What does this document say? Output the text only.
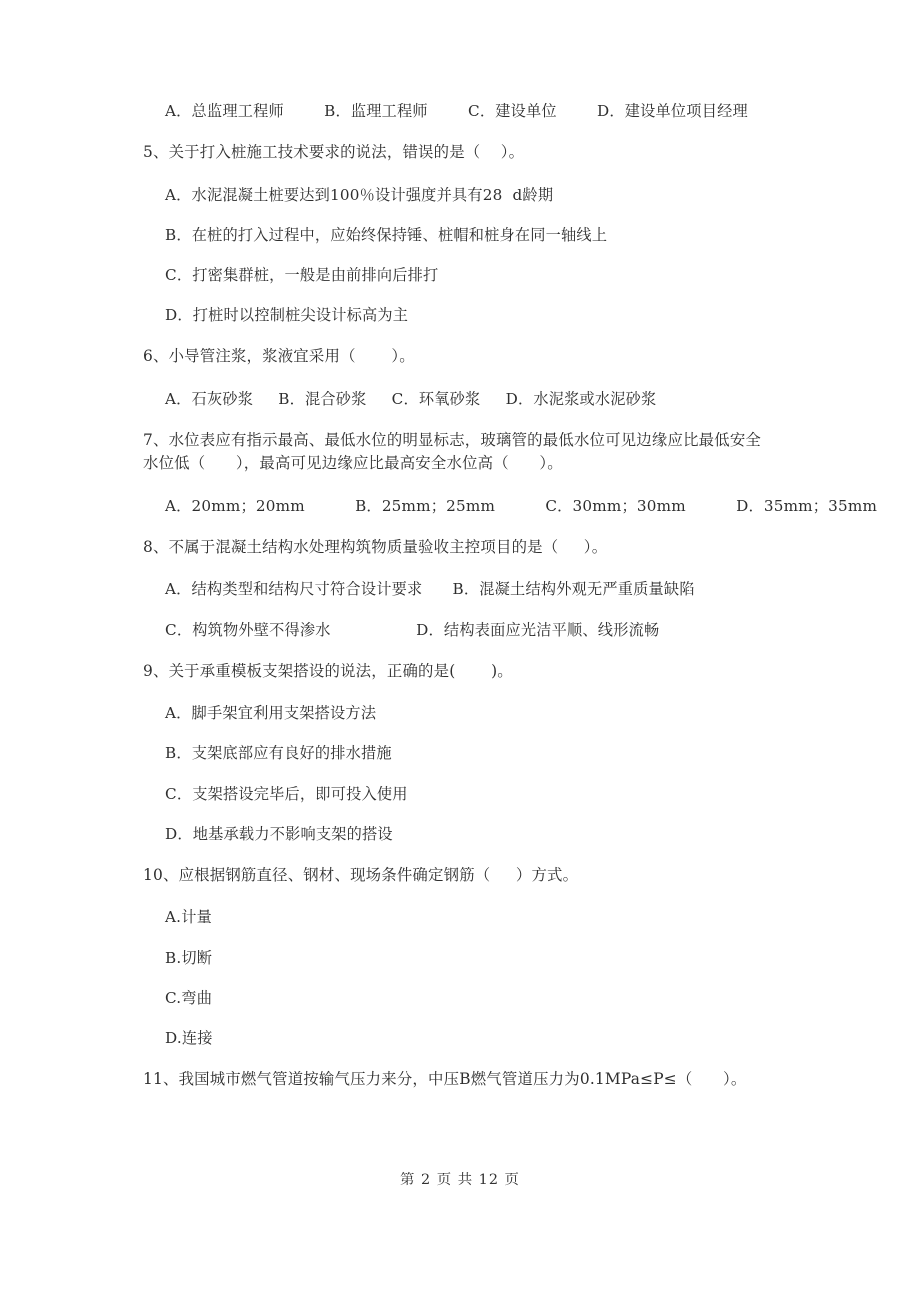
A．总监理工程师        B．监理工程师        C．建设单位        D．建设单位项目经理
5、关于打入桩施工技术要求的说法，错误的是（    ）。
A．水泥混凝土桩要达到100％设计强度并具有28  d龄期
B．在桩的打入过程中，应始终保持锤、桩帽和桩身在同一轴线上
C．打密集群桩，一般是由前排向后排打
D．打桩时以控制桩尖设计标高为主
6、小导管注浆，浆液宜采用（       ）。
A．石灰砂浆     B．混合砂浆     C．环氧砂浆     D．水泥浆或水泥砂浆
7、水位表应有指示最高、最低水位的明显标志，玻璃管的最低水位可见边缘应比最低安全
水位低（      ），最高可见边缘应比最高安全水位高（      ）。
A．20mm；20mm          B．25mm；25mm          C．30mm；30mm          D．35mm；35mm
8、不属于混凝土结构水处理构筑物质量验收主控项目的是（     ）。
A．结构类型和结构尺寸符合设计要求      B．混凝土结构外观无严重质量缺陷
C．构筑物外壁不得渗水                 D．结构表面应光洁平顺、线形流畅
9、关于承重模板支架搭设的说法，正确的是(       )。
A．脚手架宜利用支架搭设方法
B．支架底部应有良好的排水措施
C．支架搭设完毕后，即可投入使用
D．地基承载力不影响支架的搭设
10、应根据钢筋直径、钢材、现场条件确定钢筋（     ）方式。
A.计量
B.切断
C.弯曲
D.连接
11、我国城市燃气管道按输气压力来分，中压B燃气管道压力为0.1MPa≤P≤（      ）。
第 2 页 共 12 页
